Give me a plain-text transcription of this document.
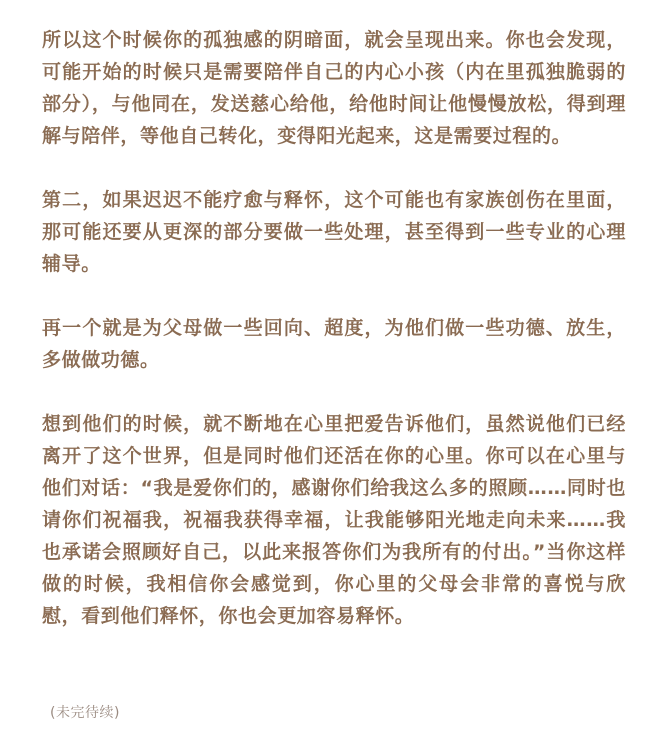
所以这个时候你的孤独感的阴暗面，就会呈现出来。你也会发现，可能开始的时候只是需要陪伴自己的内心小孩（内在里孤独脆弱的部分），与他同在，发送慈心给他，给他时间让他慢慢放松，得到理解与陪伴，等他自己转化，变得阳光起来，这是需要过程的。

第二，如果迟迟不能疗愈与释怀，这个可能也有家族创伤在里面，那可能还要从更深的部分要做一些处理，甚至得到一些专业的心理辅导。

再一个就是为父母做一些回向、超度，为他们做一些功德、放生，多做做功德。

想到他们的时候，就不断地在心里把爱告诉他们，虽然说他们已经离开了这个世界，但是同时他们还活在你的心里。你可以在心里与他们对话：“我是爱你们的，感谢你们给我这么多的照顾……同时也请你们祝福我，祝福我获得幸福，让我能够阳光地走向未来……我也承诺会照顾好自己，以此来报答你们为我所有的付出。”当你这样做的时候，我相信你会感觉到，你心里的父母会非常的喜悦与欣慰，看到他们释怀，你也会更加容易释怀。

(未完待续)
